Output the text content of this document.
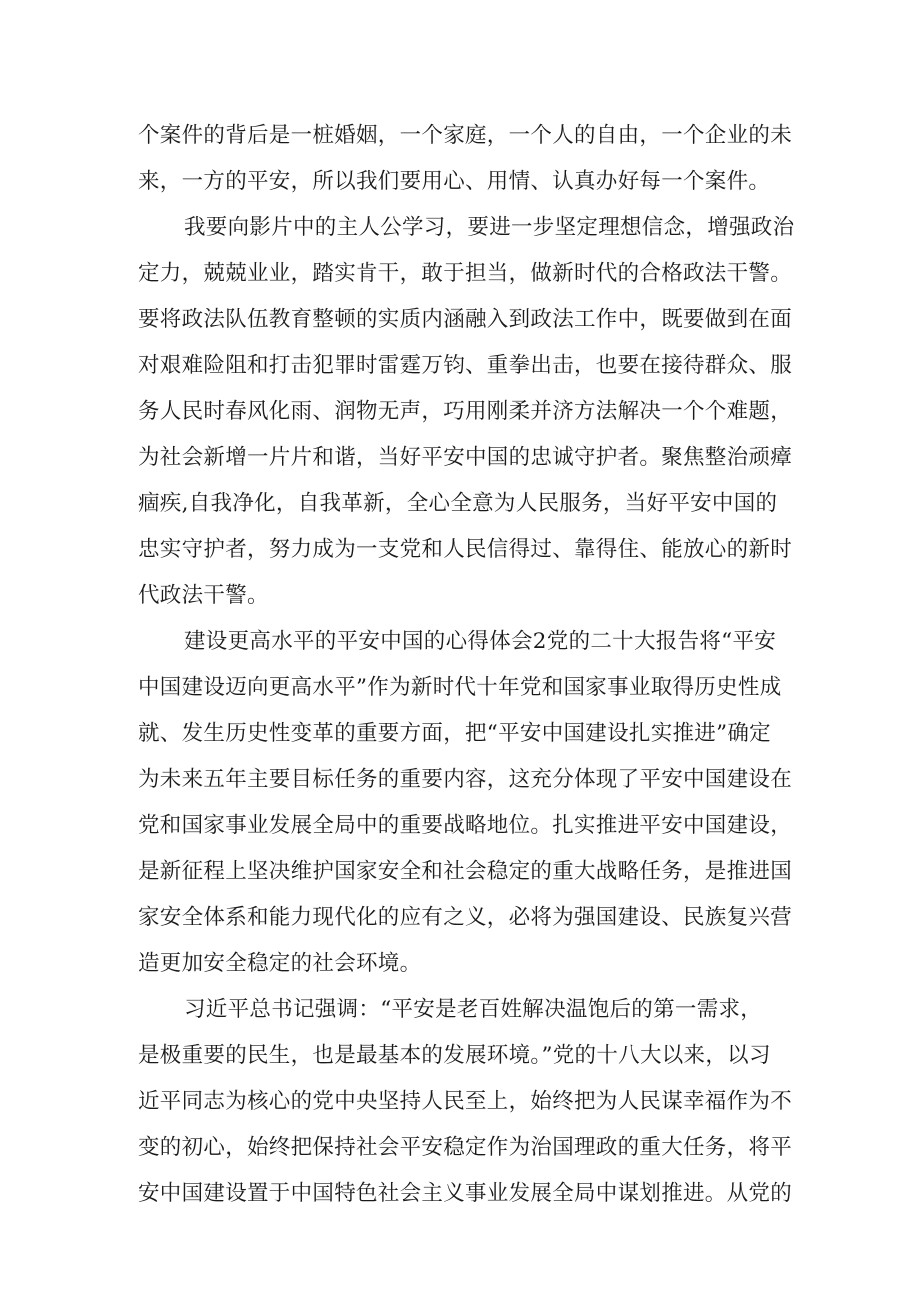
个案件的背后是一桩婚姻，一个家庭，一个人的自由，一个企业的未
来，一方的平安，所以我们要用心、用情、认真办好每一个案件。
我要向影片中的主人公学习，要进一步坚定理想信念，增强政治
定力，兢兢业业，踏实肯干，敢于担当，做新时代的合格政法干警。
要将政法队伍教育整顿的实质内涵融入到政法工作中，既要做到在面
对艰难险阻和打击犯罪时雷霆万钧、重拳出击，也要在接待群众、服
务人民时春风化雨、润物无声，巧用刚柔并济方法解决一个个难题，
为社会新增一片片和谐，当好平安中国的忠诚守护者。聚焦整治顽瘴
痼疾,自我净化，自我革新，全心全意为人民服务，当好平安中国的
忠实守护者，努力成为一支党和人民信得过、靠得住、能放心的新时
代政法干警。
建设更高水平的平安中国的心得体会2党的二十大报告将“平安
中国建设迈向更高水平”作为新时代十年党和国家事业取得历史性成
就、发生历史性变革的重要方面，把“平安中国建设扎实推进”确定
为未来五年主要目标任务的重要内容，这充分体现了平安中国建设在
党和国家事业发展全局中的重要战略地位。扎实推进平安中国建设，
是新征程上坚决维护国家安全和社会稳定的重大战略任务，是推进国
家安全体系和能力现代化的应有之义，必将为强国建设、民族复兴营
造更加安全稳定的社会环境。
习近平总书记强调：“平安是老百姓解决温饱后的第一需求，
是极重要的民生，也是最基本的发展环境。”党的十八大以来，以习
近平同志为核心的党中央坚持人民至上，始终把为人民谋幸福作为不
变的初心，始终把保持社会平安稳定作为治国理政的重大任务，将平
安中国建设置于中国特色社会主义事业发展全局中谋划推进。从党的
